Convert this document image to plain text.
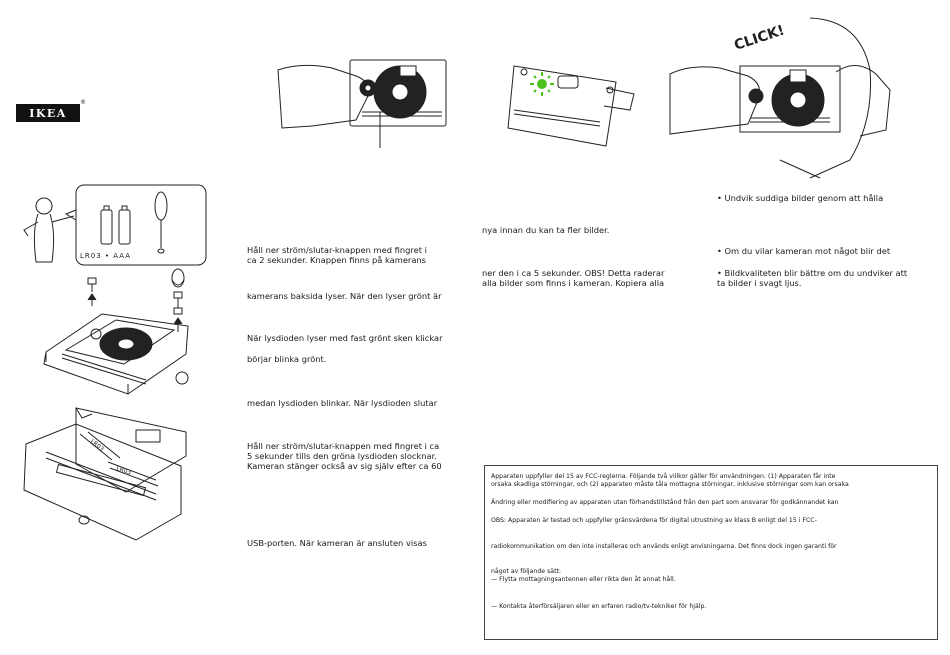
IKEA
®
LR03 • AAA
LR03
LR03
CLICK!
Håll ner ström/slutar-knappen med fingret i
ca 2 sekunder. Knappen finns på kamerans
kamerans baksida lyser. När den lyser grönt är
När lysdioden lyser med fast grönt sken klickar
börjar blinka grönt.
medan lysdioden blinkar. När lysdioden slutar
Håll ner ström/slutar-knappen med fingret i ca
5 sekunder tills den gröna lysdioden slocknar.
Kameran stänger också av sig själv efter ca 60
USB-porten. När kameran är ansluten visas
nya innan du kan ta fler bilder.
ner den i ca 5 sekunder. OBS! Detta raderar
alla bilder som finns i kameran. Kopiera alla
• Undvik suddiga bilder genom att hålla
• Om du vilar kameran mot något blir det
• Bildkvaliteten blir bättre om du undviker att
ta bilder i svagt ljus.
Apparaten uppfyller del 15 av FCC-reglerna. Följande två villkor gäller för användningen: (1) Apparaten får inte
orsaka skadliga störningar, och (2) apparaten måste tåla mottagna störningar, inklusive störningar som kan orsaka
Ändring eller modifiering av apparaten utan förhandstillstånd från den part som ansvarar för godkännandet kan
OBS: Apparaten är testad och uppfyller gränsvärdena för digital utrustning av klass B enligt del 15 i FCC-
radiokommunikation om den inte installeras och används enligt anvisningarna. Det finns dock ingen garanti för
något av följande sätt:
— Flytta mottagningsantennen eller rikta den åt annat håll.
— Kontakta återförsäljaren eller en erfaren radio/tv-tekniker för hjälp.
